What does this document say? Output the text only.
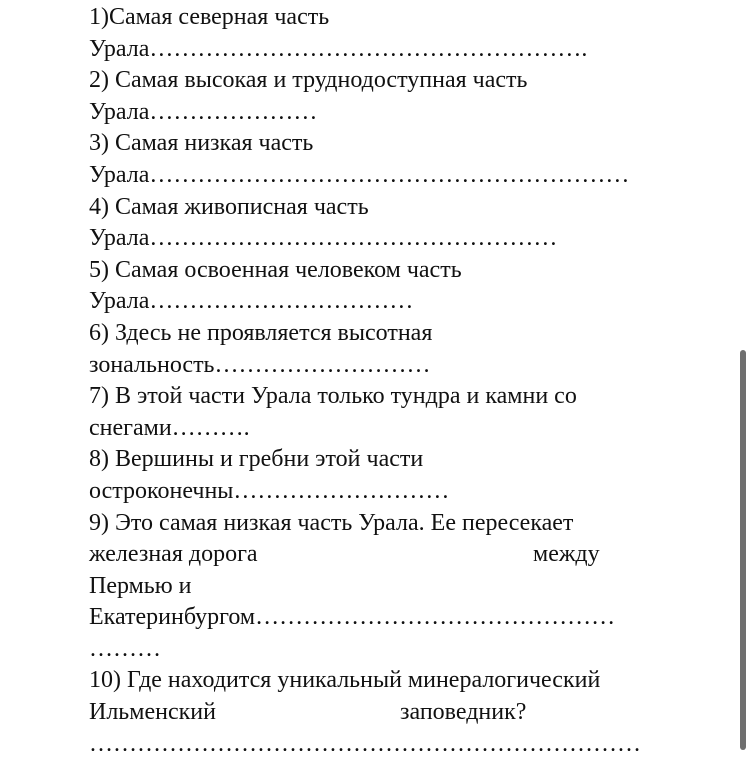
1)Самая северная часть
Урала……………………………………………….
2) Самая высокая и труднодоступная часть
Урала…………………
3) Самая низкая часть
Урала……………………………………………………
4) Самая живописная часть
Урала……………………………………………
5) Самая освоенная человеком часть
Урала……………………………
6) Здесь не проявляется высотная
зональность………………………
7) В этой части Урала только тундра и камни со
снегами……….
8) Вершины и гребни этой части
остроконечны………………………
9) Это самая низкая часть Урала. Ее пересекает
железная дорога	между
Пермью и
Екатеринбургом………………………………………
………
10) Где находится уникальный минералогический
Ильменский	заповедник?
……………………………………………………………
